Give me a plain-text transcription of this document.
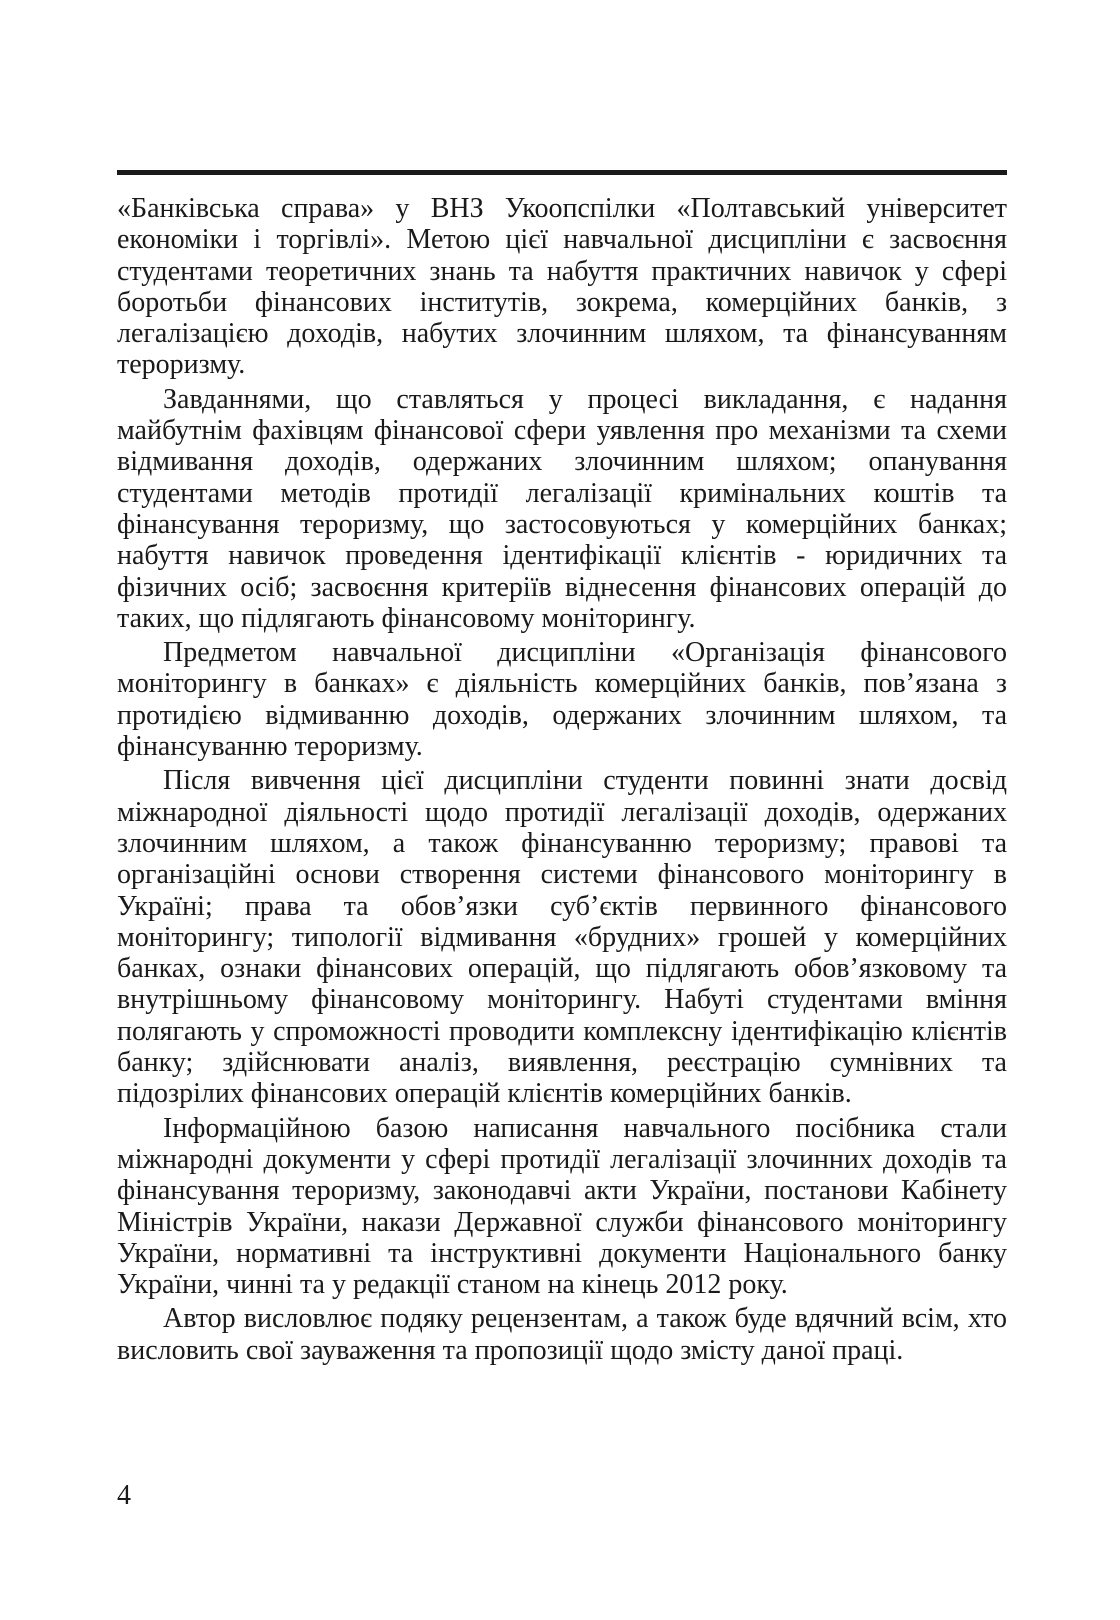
«Банківська справа» у ВНЗ Укоопспілки «Полтавський університет економіки і торгівлі». Метою цієї навчальної дисципліни є засвоєння студентами теоретичних знань та набуття практичних навичок у сфері боротьби фінансових інститутів, зокрема, комерційних банків, з легалізацією доходів, набутих злочинним шляхом, та фінансуванням тероризму.

Завданнями, що ставляться у процесі викладання, є надання майбутнім фахівцям фінансової сфери уявлення про механізми та схеми відмивання доходів, одержаних злочинним шляхом; опанування студентами методів протидії легалізації кримінальних коштів та фінансування тероризму, що застосовуються у комерційних банках; набуття навичок проведення ідентифікації клієнтів - юридичних та фізичних осіб; засвоєння критеріїв віднесення фінансових операцій до таких, що підлягають фінансовому моніторингу.

Предметом навчальної дисципліни «Організація фінансового моніторингу в банках» є діяльність комерційних банків, пов’язана з протидією відмиванню доходів, одержаних злочинним шляхом, та фінансуванню тероризму.

Після вивчення цієї дисципліни студенти повинні знати досвід міжнародної діяльності щодо протидії легалізації доходів, одержаних злочинним шляхом, а також фінансуванню тероризму; правові та організаційні основи створення системи фінансового моніторингу в Україні; права та обов’язки суб’єктів первинного фінансового моніторингу; типології відмивання «брудних» грошей у комерційних банках, ознаки фінансових операцій, що підлягають обов’язковому та внутрішньому фінансовому моніторингу. Набуті студентами вміння полягають у спроможності проводити комплексну ідентифікацію клієнтів банку; здійснювати аналіз, виявлення, реєстрацію сумнівних та підозрілих фінансових операцій клієнтів комерційних банків.

Інформаційною базою написання навчального посібника стали міжнародні документи у сфері протидії легалізації злочинних доходів та фінансування тероризму, законодавчі акти України, постанови Кабінету Міністрів України, накази Державної служби фінансового моніторингу України, нормативні та інструктивні документи Національного банку України, чинні та у редакції станом на кінець 2012 року.

Автор висловлює подяку рецензентам, а також буде вдячний всім, хто висловить свої зауваження та пропозиції щодо змісту даної праці.

4
